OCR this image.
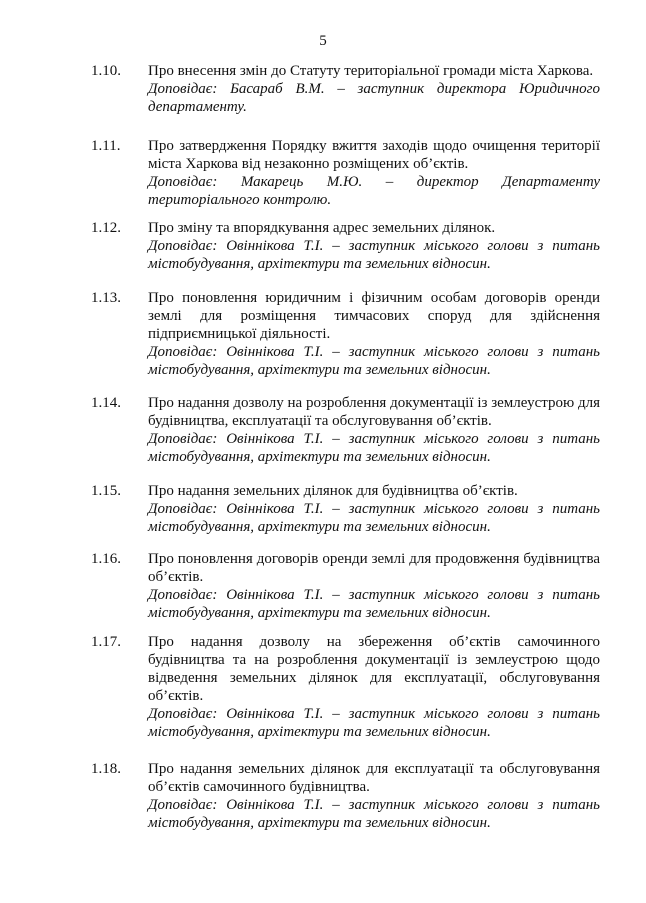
5
1.10. Про внесення змін до Статуту територіальної громади міста Харкова.
Доповідає: Басараб В.М. – заступник директора Юридичного департаменту.
1.11. Про затвердження Порядку вжиття заходів щодо очищення території міста Харкова від незаконно розміщених об’єктів.
Доповідає: Макарець М.Ю. – директор Департаменту територіального контролю.
1.12. Про зміну та впорядкування адрес земельних ділянок.
Доповідає: Овіннікова Т.І. – заступник міського голови з питань містобудування, архітектури та земельних відносин.
1.13. Про поновлення юридичним і фізичним особам договорів оренди землі для розміщення тимчасових споруд для здійснення підприємницької діяльності.
Доповідає: Овіннікова Т.І. – заступник міського голови з питань містобудування, архітектури та земельних відносин.
1.14. Про надання дозволу на розроблення документації із землеустрою для будівництва, експлуатації та обслуговування об’єктів.
Доповідає: Овіннікова Т.І. – заступник міського голови з питань містобудування, архітектури та земельних відносин.
1.15. Про надання земельних ділянок для будівництва об’єктів.
Доповідає: Овіннікова Т.І. – заступник міського голови з питань містобудування, архітектури та земельних відносин.
1.16. Про поновлення договорів оренди землі для продовження будівництва об’єктів.
Доповідає: Овіннікова Т.І. – заступник міського голови з питань містобудування, архітектури та земельних відносин.
1.17. Про надання дозволу на збереження об’єктів самочинного будівництва та на розроблення документації із землеустрою щодо відведення земельних ділянок для експлуатації, обслуговування об’єктів.
Доповідає: Овіннікова Т.І. – заступник міського голови з питань містобудування, архітектури та земельних відносин.
1.18. Про надання земельних ділянок для експлуатації та обслуговування об’єктів самочинного будівництва.
Доповідає: Овіннікова Т.І. – заступник міського голови з питань містобудування, архітектури та земельних відносин.
